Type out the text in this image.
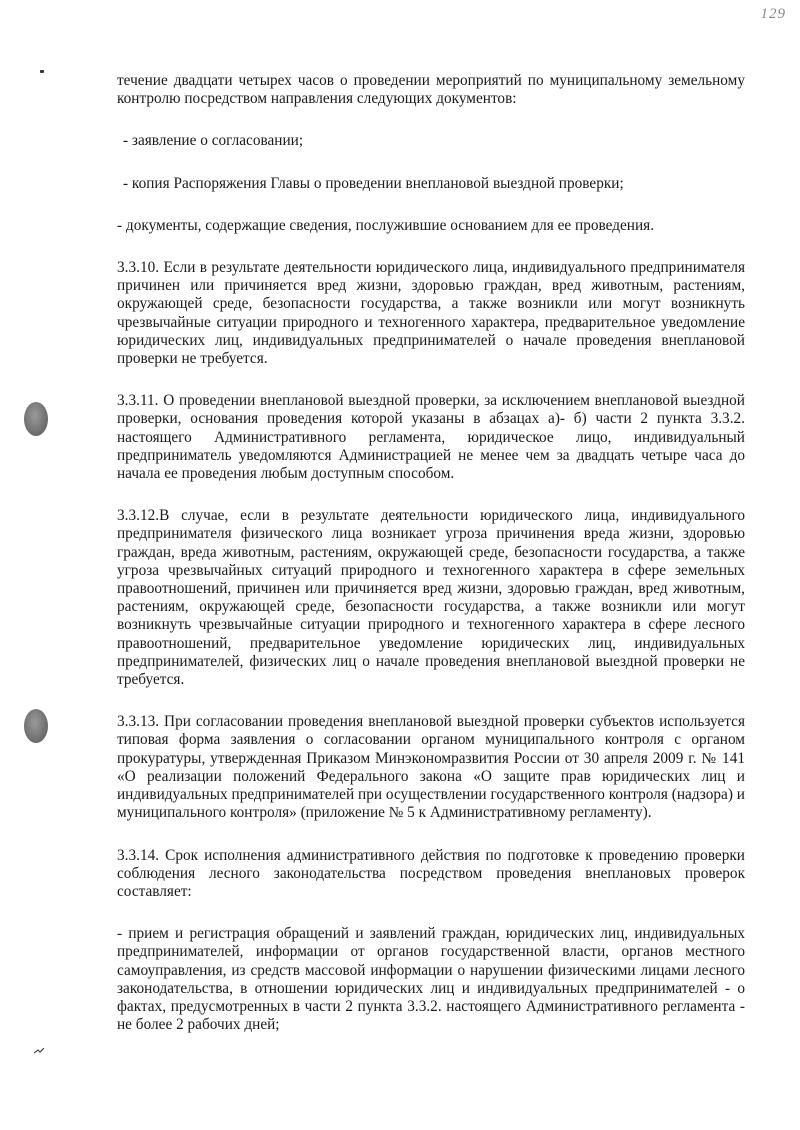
129

течение двадцати четырех часов о проведении мероприятий по муниципальному земельному контролю посредством направления следующих документов:

- заявление о согласовании;

- копия Распоряжения Главы о проведении внеплановой выездной проверки;

- документы, содержащие сведения, послужившие основанием для ее проведения.

3.3.10. Если в результате деятельности юридического лица, индивидуального предпринимателя причинен или причиняется вред жизни, здоровью граждан, вред животным, растениям, окружающей среде, безопасности государства, а также возникли или могут возникнуть чрезвычайные ситуации природного и техногенного характера, предварительное уведомление юридических лиц, индивидуальных предпринимателей о начале проведения внеплановой проверки не требуется.

3.3.11. О проведении внеплановой выездной проверки, за исключением внеплановой выездной проверки, основания проведения которой указаны в абзацах а)- б) части 2 пункта 3.3.2. настоящего Административного регламента, юридическое лицо, индивидуальный предприниматель уведомляются Администрацией не менее чем за двадцать четыре часа до начала ее проведения любым доступным способом.

3.3.12.В случае, если в результате деятельности юридического лица, индивидуального предпринимателя физического лица возникает угроза причинения вреда жизни, здоровью граждан, вреда животным, растениям, окружающей среде, безопасности государства, а также угроза чрезвычайных ситуаций природного и техногенного характера в сфере земельных правоотношений, причинен или причиняется вред жизни, здоровью граждан, вред животным, растениям, окружающей среде, безопасности государства, а также возникли или могут возникнуть чрезвычайные ситуации природного и техногенного характера в сфере лесного правоотношений, предварительное уведомление юридических лиц, индивидуальных предпринимателей, физических лиц о начале проведения внеплановой выездной проверки не требуется.

3.3.13. При согласовании проведения внеплановой выездной проверки субъектов используется типовая форма заявления о согласовании органом муниципального контроля с органом прокуратуры, утвержденная Приказом Минэкономразвития России от 30 апреля 2009 г. № 141 «О реализации положений Федерального закона «О защите прав юридических лиц и индивидуальных предпринимателей при осуществлении государственного контроля (надзора) и муниципального контроля» (приложение № 5 к Административному регламенту).

3.3.14. Срок исполнения административного действия по подготовке к проведению проверки соблюдения лесного законодательства посредством проведения внеплановых проверок составляет:

- прием и регистрация обращений и заявлений граждан, юридических лиц, индивидуальных предпринимателей, информации от органов государственной власти, органов местного самоуправления, из средств массовой информации о нарушении физическими лицами лесного законодательства, в отношении юридических лиц и индивидуальных предпринимателей - о фактах, предусмотренных в части 2 пункта 3.3.2. настоящего Административного регламента - не более 2 рабочих дней;
